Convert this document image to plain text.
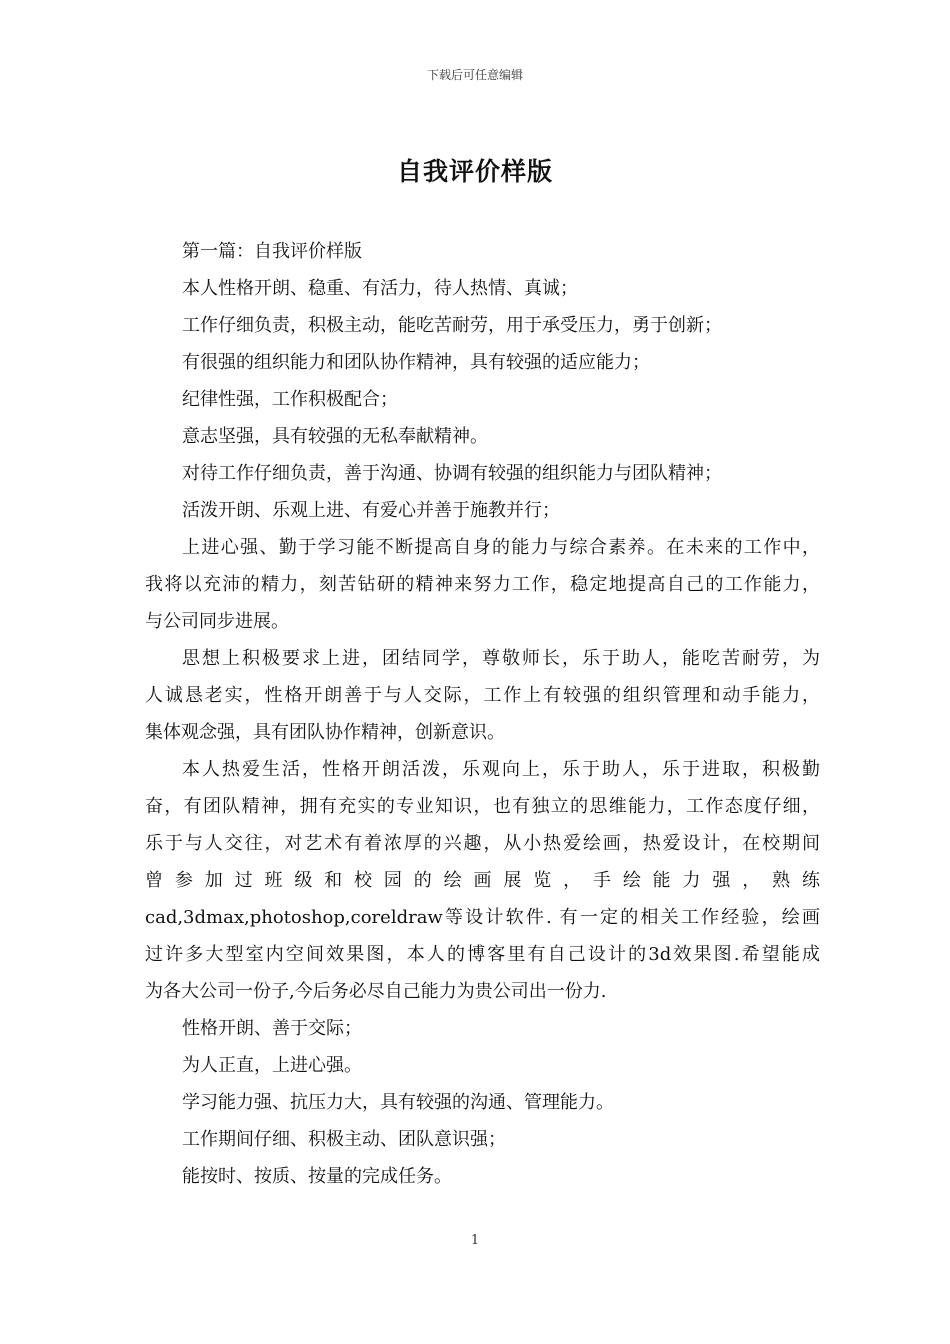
下载后可任意编辑
自我评价样版
第一篇：自我评价样版
本人性格开朗、稳重、有活力，待人热情、真诚；
工作仔细负责，积极主动，能吃苦耐劳，用于承受压力，勇于创新；
有很强的组织能力和团队协作精神，具有较强的适应能力；
纪律性强，工作积极配合；
意志坚强，具有较强的无私奉献精神。
对待工作仔细负责，善于沟通、协调有较强的组织能力与团队精神；
活泼开朗、乐观上进、有爱心并善于施教并行；
上进心强、勤于学习能不断提高自身的能力与综合素养。在未来的工作中，
我将以充沛的精力，刻苦钻研的精神来努力工作，稳定地提高自己的工作能力，
与公司同步进展。
思想上积极要求上进，团结同学，尊敬师长，乐于助人，能吃苦耐劳，为
人诚恳老实，性格开朗善于与人交际，工作上有较强的组织管理和动手能力，
集体观念强，具有团队协作精神，创新意识。
本人热爱生活，性格开朗活泼，乐观向上，乐于助人，乐于进取，积极勤
奋，有团队精神，拥有充实的专业知识，也有独立的思维能力，工作态度仔细，
乐于与人交往，对艺术有着浓厚的兴趣，从小热爱绘画，热爱设计，在校期间
曾参加过班级和校园的绘画展览，手绘能力强，熟练
cad,3dmax,photoshop,coreldraw等设计软件. 有一定的相关工作经验，绘画
过许多大型室内空间效果图，本人的博客里有自己设计的3d效果图.希望能成
为各大公司一份子,今后务必尽自己能力为贵公司出一份力.
性格开朗、善于交际；
为人正直，上进心强。
学习能力强、抗压力大，具有较强的沟通、管理能力。
工作期间仔细、积极主动、团队意识强；
能按时、按质、按量的完成任务。
1
